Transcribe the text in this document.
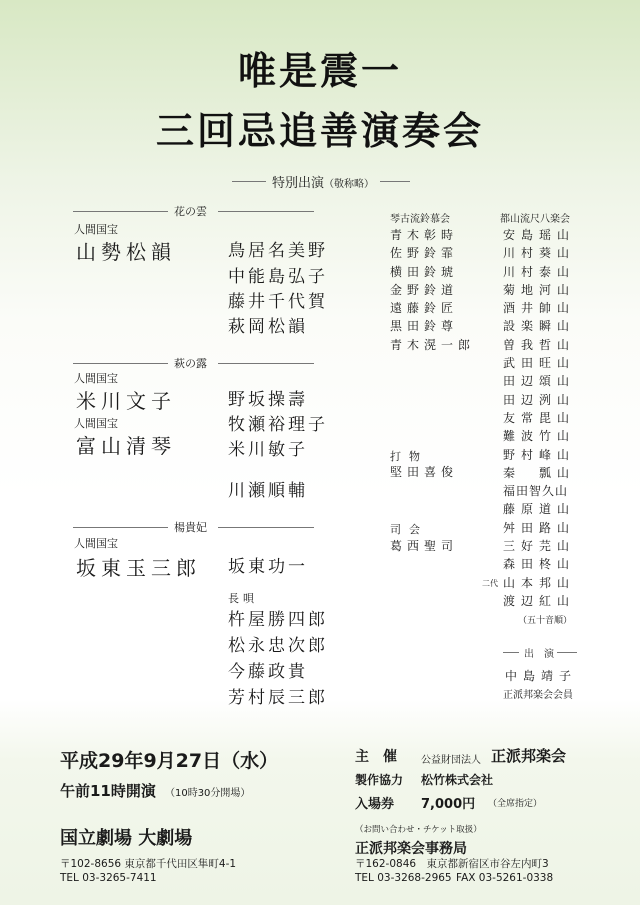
唯是震一
三回忌追善演奏会
特別出演（敬称略）
花の雲
人間国宝
山勢松韻	鳥居名美野
中能島弘子
藤井千代賀
萩岡松韻
萩の露
人間国宝
米川文子
人間国宝
富山清琴
野坂操壽
牧瀬裕理子
米川敏子
川瀬順輔
楊貴妃
人間国宝
坂東玉三郎 坂東功一
長唄
杵屋勝四郎
松永忠次郎
今藤政貴
芳村辰三郎
琴古流鈴慕会
青木彰時
佐野鈴霏
横田鈴琥
金野鈴道
遠藤鈴匠
黒田鈴尊
青木滉一郎
打物
堅田喜俊
司会
葛西聖司
都山流尺八楽会
安島瑶山
川村葵山
川村泰山
菊地河山
酒井帥山
設楽瞬山
曽我哲山
武田旺山
田辺頌山
田辺洌山
友常毘山
難波竹山
野村峰山
秦　瓢山
福田智久山
藤原道山
舛田路山
三好芫山
森田柊山
山本邦山
渡辺紅山
二代
（五十音順）
出　演
中島靖子
正派邦楽会会員
平成29年9月27日（水）
午前11時開演 （10時30分開場）
国立劇場 大劇場
〒102-8656 東京都千代田区隼町4-1
TEL 03-3265-7411
主　催 公益財団法人 正派邦楽会
製作協力 松竹株式会社
入場券 7,000円 （全席指定）
（お問い合わせ・チケット取扱）
正派邦楽会事務局
〒162-0846　東京都新宿区市谷左内町3
TEL 03-3268-2965 FAX 03-5261-0338
